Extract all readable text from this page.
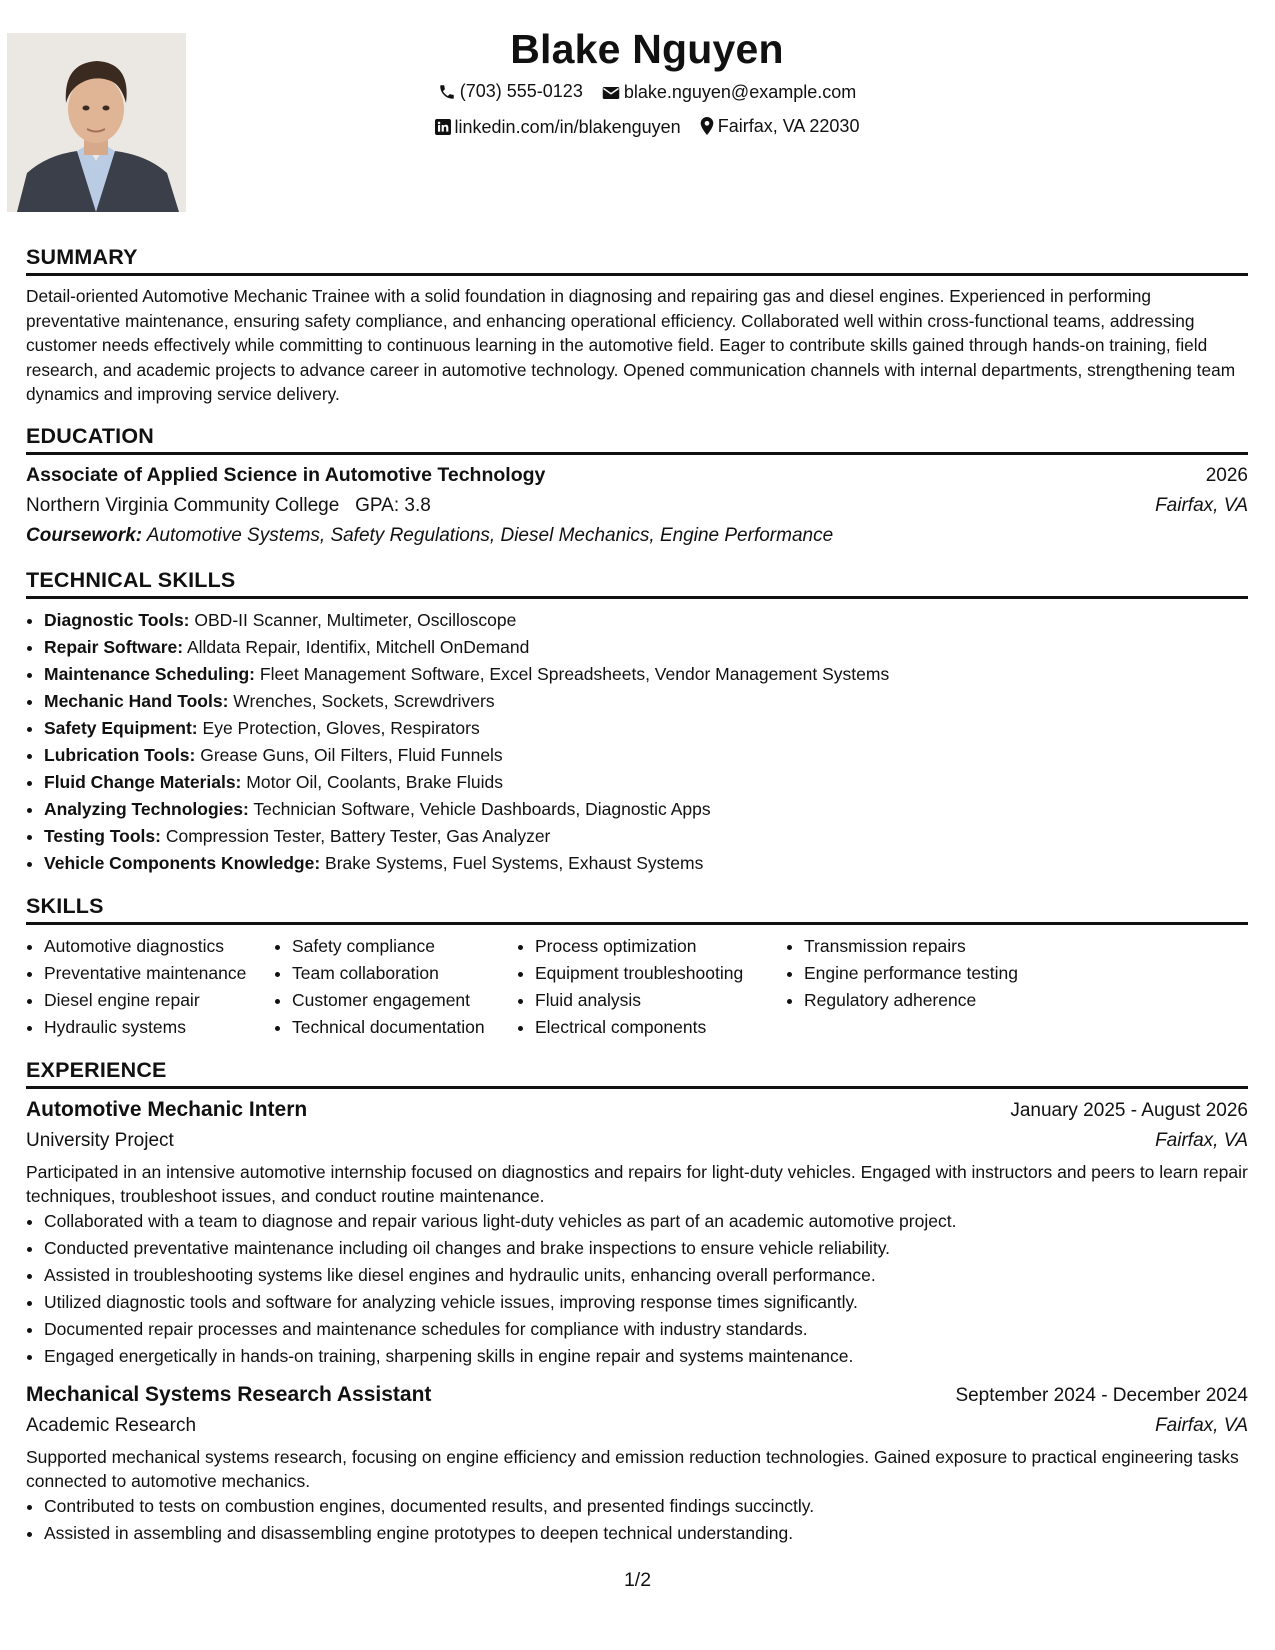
Blake Nguyen
(703) 555-0123
blake.nguyen@example.com
linkedin.com/in/blakenguyen
Fairfax, VA 22030
SUMMARY

Detail-oriented Automotive Mechanic Trainee with a solid foundation in diagnosing and repairing gas and diesel engines. Experienced in performing preventative maintenance, ensuring safety compliance, and enhancing operational efficiency. Collaborated well within cross-functional teams, addressing customer needs effectively while committing to continuous learning in the automotive field. Eager to contribute skills gained through hands-on training, field research, and academic projects to advance career in automotive technology. Opened communication channels with internal departments, strengthening team dynamics and improving service delivery.

EDUCATION
Associate of Applied Science in Automotive Technology	2026
Northern Virginia Community College GPA: 3.8	Fairfax, VA
Coursework: Automotive Systems, Safety Regulations, Diesel Mechanics, Engine Performance
TECHNICAL SKILLS
• Diagnostic Tools: OBD-II Scanner, Multimeter, Oscilloscope
• Repair Software: Alldata Repair, Identifix, Mitchell OnDemand
• Maintenance Scheduling: Fleet Management Software, Excel Spreadsheets, Vendor Management Systems
• Mechanic Hand Tools: Wrenches, Sockets, Screwdrivers
• Safety Equipment: Eye Protection, Gloves, Respirators
• Lubrication Tools: Grease Guns, Oil Filters, Fluid Funnels
• Fluid Change Materials: Motor Oil, Coolants, Brake Fluids
• Analyzing Technologies: Technician Software, Vehicle Dashboards, Diagnostic Apps
• Testing Tools: Compression Tester, Battery Tester, Gas Analyzer
• Vehicle Components Knowledge: Brake Systems, Fuel Systems, Exhaust Systems
SKILLS
• Automotive diagnostics
• Preventative maintenance
• Diesel engine repair
• Hydraulic systems
• Safety compliance
• Team collaboration
• Customer engagement
• Technical documentation
• Process optimization
• Equipment troubleshooting
• Fluid analysis
• Electrical components
• Transmission repairs
• Engine performance testing
• Regulatory adherence
EXPERIENCE
Automotive Mechanic Intern	January 2025 - August 2026
University Project	Fairfax, VA

Participated in an intensive automotive internship focused on diagnostics and repairs for light-duty vehicles. Engaged with instructors and peers to learn repair techniques, troubleshoot issues, and conduct routine maintenance.

• Collaborated with a team to diagnose and repair various light-duty vehicles as part of an academic automotive project.
• Conducted preventative maintenance including oil changes and brake inspections to ensure vehicle reliability.
• Assisted in troubleshooting systems like diesel engines and hydraulic units, enhancing overall performance.
• Utilized diagnostic tools and software for analyzing vehicle issues, improving response times significantly.
• Documented repair processes and maintenance schedules for compliance with industry standards.
• Engaged energetically in hands-on training, sharpening skills in engine repair and systems maintenance.
Mechanical Systems Research Assistant	September 2024 - December 2024
Academic Research	Fairfax, VA

Supported mechanical systems research, focusing on engine efficiency and emission reduction technologies. Gained exposure to practical engineering tasks connected to automotive mechanics.

• Contributed to tests on combustion engines, documented results, and presented findings succinctly.
• Assisted in assembling and disassembling engine prototypes to deepen technical understanding.
1/2
